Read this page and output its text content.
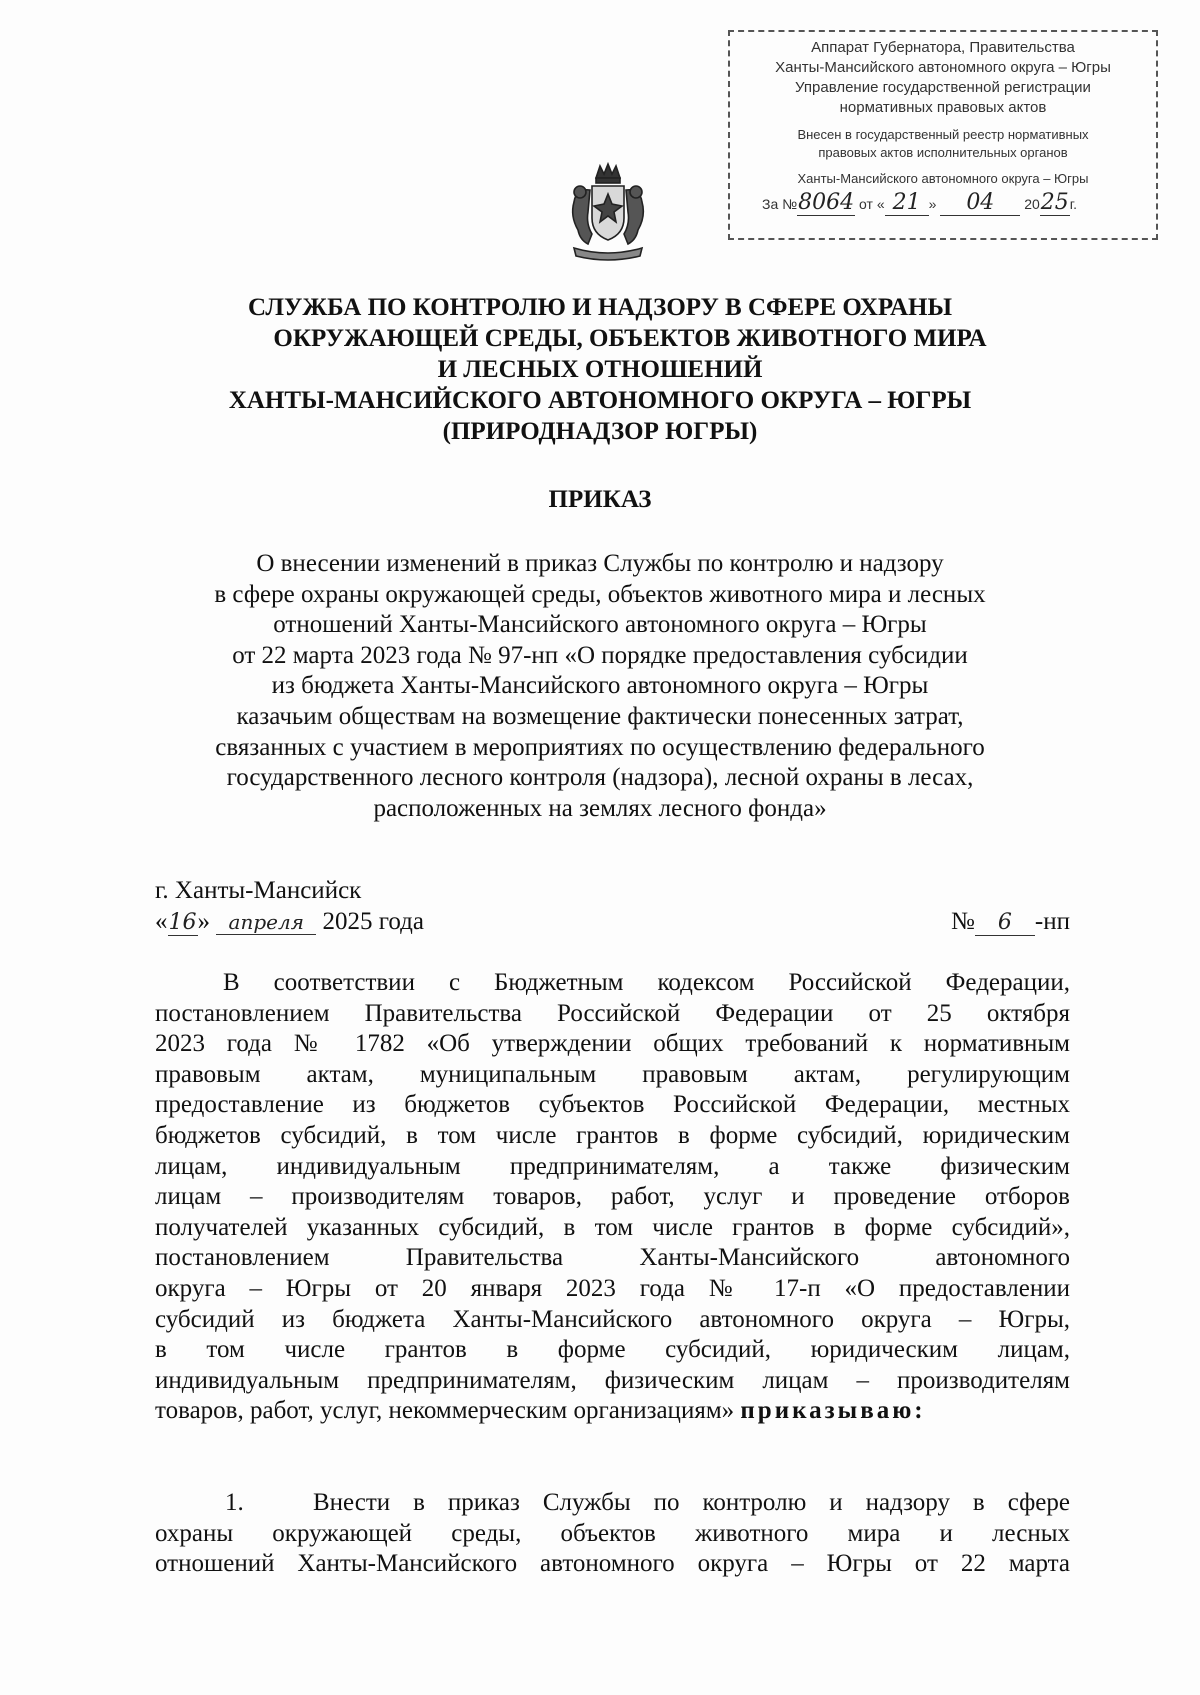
Аппарат Губернатора, Правительства
Ханты-Мансийского автономного округа – Югры
Управление государственной регистрации
нормативных правовых актов
Внесен в государственный реестр нормативных
правовых актов исполнительных органов
Ханты-Мансийского автономного округа – Югры
За №8064 от « 21 » 04 2025г.
СЛУЖБА ПО КОНТРОЛЮ И НАДЗОРУ В СФЕРЕ ОХРАНЫ
ОКРУЖАЮЩЕЙ СРЕДЫ, ОБЪЕКТОВ ЖИВОТНОГО МИРА
И ЛЕСНЫХ ОТНОШЕНИЙ
ХАНТЫ-МАНСИЙСКОГО АВТОНОМНОГО ОКРУГА – ЮГРЫ
(ПРИРОДНАДЗОР ЮГРЫ)
ПРИКАЗ
О внесении изменений в приказ Службы по контролю и надзору
в сфере охраны окружающей среды, объектов животного мира и лесных
отношений Ханты-Мансийского автономного округа – Югры
от 22 марта 2023 года № 97-нп «О порядке предоставления субсидии
из бюджета Ханты-Мансийского автономного округа – Югры
казачьим обществам на возмещение фактически понесенных затрат,
связанных с участием в мероприятиях по осуществлению федерального
государственного лесного контроля (надзора), лесной охраны в лесах,
расположенных на землях лесного фонда»
г. Ханты-Мансийск
«16» апреля 2025 года	№ 6 -нп
В соответствии с Бюджетным кодексом Российской Федерации,
постановлением Правительства Российской Федерации от 25 октября
2023 года № 1782 «Об утверждении общих требований к нормативным
правовым актам, муниципальным правовым актам, регулирующим
предоставление из бюджетов субъектов Российской Федерации, местных
бюджетов субсидий, в том числе грантов в форме субсидий, юридическим
лицам, индивидуальным предпринимателям, а также физическим
лицам – производителям товаров, работ, услуг и проведение отборов
получателей указанных субсидий, в том числе грантов в форме субсидий»,
постановлением Правительства Ханты-Мансийского автономного
округа – Югры от 20 января 2023 года № 17-п «О предоставлении
субсидий из бюджета Ханты-Мансийского автономного округа – Югры,
в том числе грантов в форме субсидий, юридическим лицам,
индивидуальным предпринимателям, физическим лицам – производителям
товаров, работ, услуг, некоммерческим организациям» приказываю:
1.	Внести в приказ Службы по контролю и надзору в сфере
охраны окружающей среды, объектов животного мира и лесных
отношений Ханты-Мансийского автономного округа – Югры от 22 марта
